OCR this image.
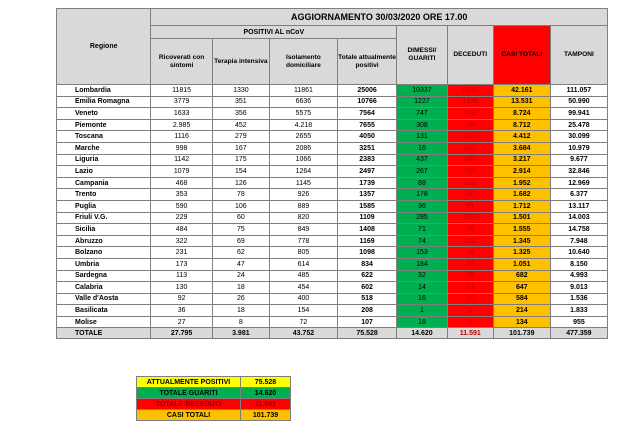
Regione	AGGIORNAMENTO 30/03/2020 ORE 17.00							
	POSITIVI AL nCoV				DIMESSI/ GUARITI	DECEDUTI	CASI TOTALI	TAMPONI
	Ricoverati con sintomi	Terapia intensiva	Isolamento domiciliare	Totale attualmente positivi				
Lombardia	11815	1330	11861	25006	10337	6818	42.161	111.057
Emilia Romagna	3779	351	6636	10766	1227	1538	13.531	50.990
Veneto	1633	356	5575	7564	747	413	8.724	99.941
Piemonte	2.985	452	4.218	7655	308	749	8.712	25.478
Toscana	1116	279	2655	4050	131	231	4.412	30.099
Marche	998	167	2086	3251	16	417	3.684	10.979
Liguria	1142	175	1066	2383	437	397	3.217	9.677
Lazio	1079	154	1264	2497	267	150	2.914	32.846
Campania	468	126	1145	1739	88	125	1.952	12.969
Trento	353	78	926	1357	178	147	1.682	6.377
Puglia	590	106	889	1585	36	91	1.712	13.117
Friuli V.G.	229	60	820	1109	285	107	1.501	14.003
Sicilia	484	75	849	1408	71	76	1.555	14.758
Abruzzo	322	69	778	1169	74	102	1.345	7.948
Bolzano	231	62	805	1098	153	74	1.325	10.640
Umbria	173	47	614	834	184	33	1.051	8.150
Sardegna	113	24	485	622	32	38	682	4.993
Calabria	130	18	454	602	14	31	647	9.013
Valle d'Aosta	92	26	400	518	16	50	584	1.536
Basilicata	36	18	154	208	1	5	214	1.833
Molise	27	8	72	107	18	9	134	955
TOTALE	27.795	3.981	43.752	75.528	14.620	11.591	101.739	477.359
ATTUALMENTE POSITIVI	75.528
TOTALE GUARITI	14.620
TOTALE DECEDUTI	11.591
CASI TOTALI	101.739
